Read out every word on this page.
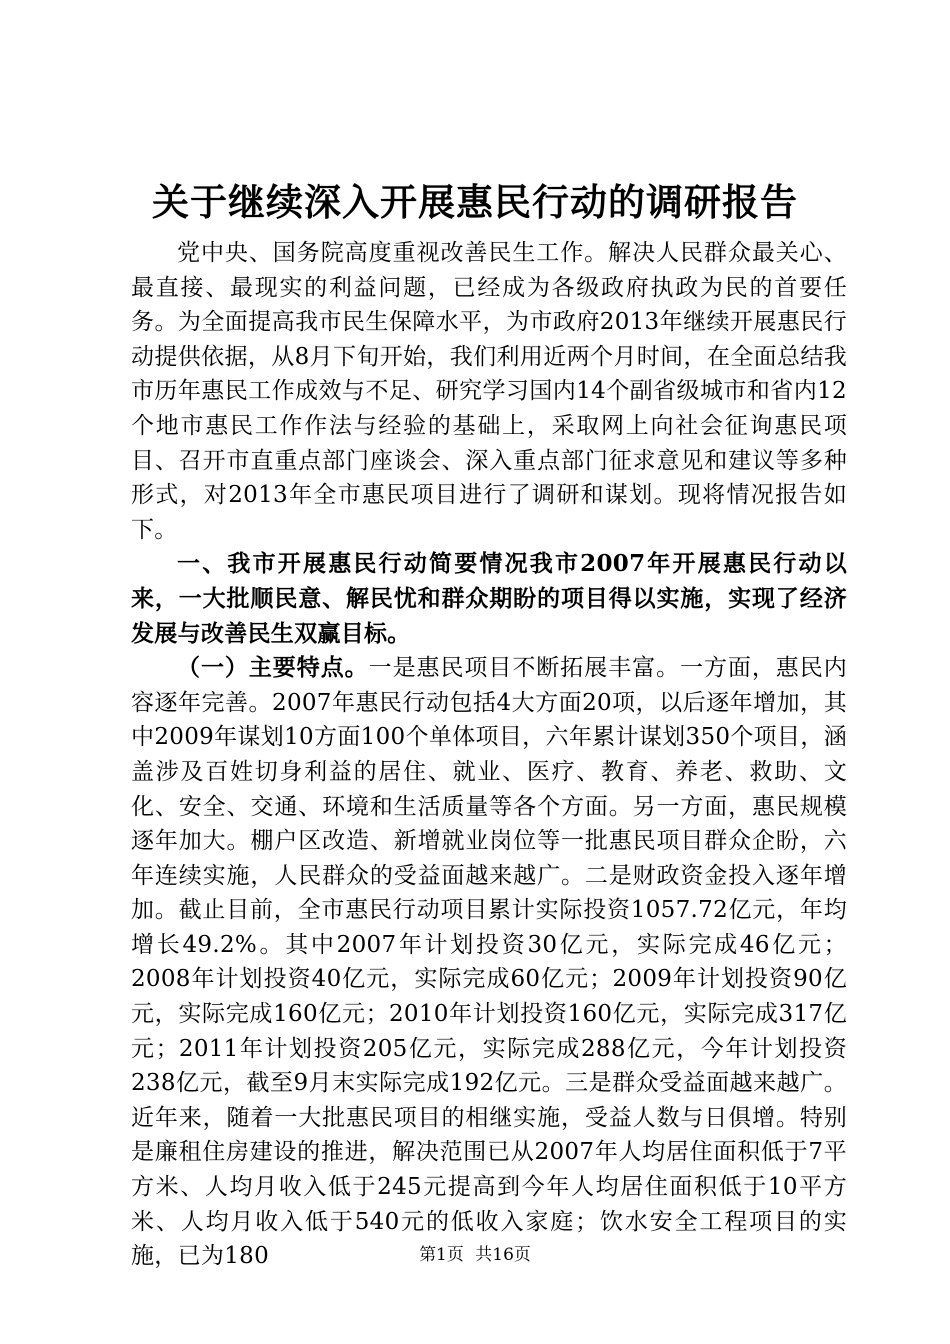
关于继续深入开展惠民行动的调研报告

党中央、国务院高度重视改善民生工作。解决人民群众最关心、最直接、最现实的利益问题，已经成为各级政府执政为民的首要任务。为全面提高我市民生保障水平，为市政府2013年继续开展惠民行动提供依据，从8月下旬开始，我们利用近两个月时间，在全面总结我市历年惠民工作成效与不足、研究学习国内14个副省级城市和省内12个地市惠民工作作法与经验的基础上，采取网上向社会征询惠民项目、召开市直重点部门座谈会、深入重点部门征求意见和建议等多种形式，对2013年全市惠民项目进行了调研和谋划。现将情况报告如下。

一、我市开展惠民行动简要情况我市2007年开展惠民行动以来，一大批顺民意、解民忧和群众期盼的项目得以实施，实现了经济发展与改善民生双赢目标。

（一）主要特点。一是惠民项目不断拓展丰富。一方面，惠民内容逐年完善。2007年惠民行动包括4大方面20项，以后逐年增加，其中2009年谋划10方面100个单体项目，六年累计谋划350个项目，涵盖涉及百姓切身利益的居住、就业、医疗、教育、养老、救助、文化、安全、交通、环境和生活质量等各个方面。另一方面，惠民规模逐年加大。棚户区改造、新增就业岗位等一批惠民项目群众企盼，六年连续实施，人民群众的受益面越来越广。二是财政资金投入逐年增加。截止目前，全市惠民行动项目累计实际投资1057.72亿元，年均增长49.2%。其中2007年计划投资30亿元，实际完成46亿元；2008年计划投资40亿元，实际完成60亿元；2009年计划投资90亿元，实际完成160亿元；2010年计划投资160亿元，实际完成317亿元；2011年计划投资205亿元，实际完成288亿元，今年计划投资238亿元，截至9月末实际完成192亿元。三是群众受益面越来越广。近年来，随着一大批惠民项目的相继实施，受益人数与日俱增。特别是廉租住房建设的推进，解决范围已从2007年人均居住面积低于7平方米、人均月收入低于245元提高到今年人均居住面积低于10平方米、人均月收入低于540元的低收入家庭；饮水安全工程项目的实施，已为180	第1页 共16页
